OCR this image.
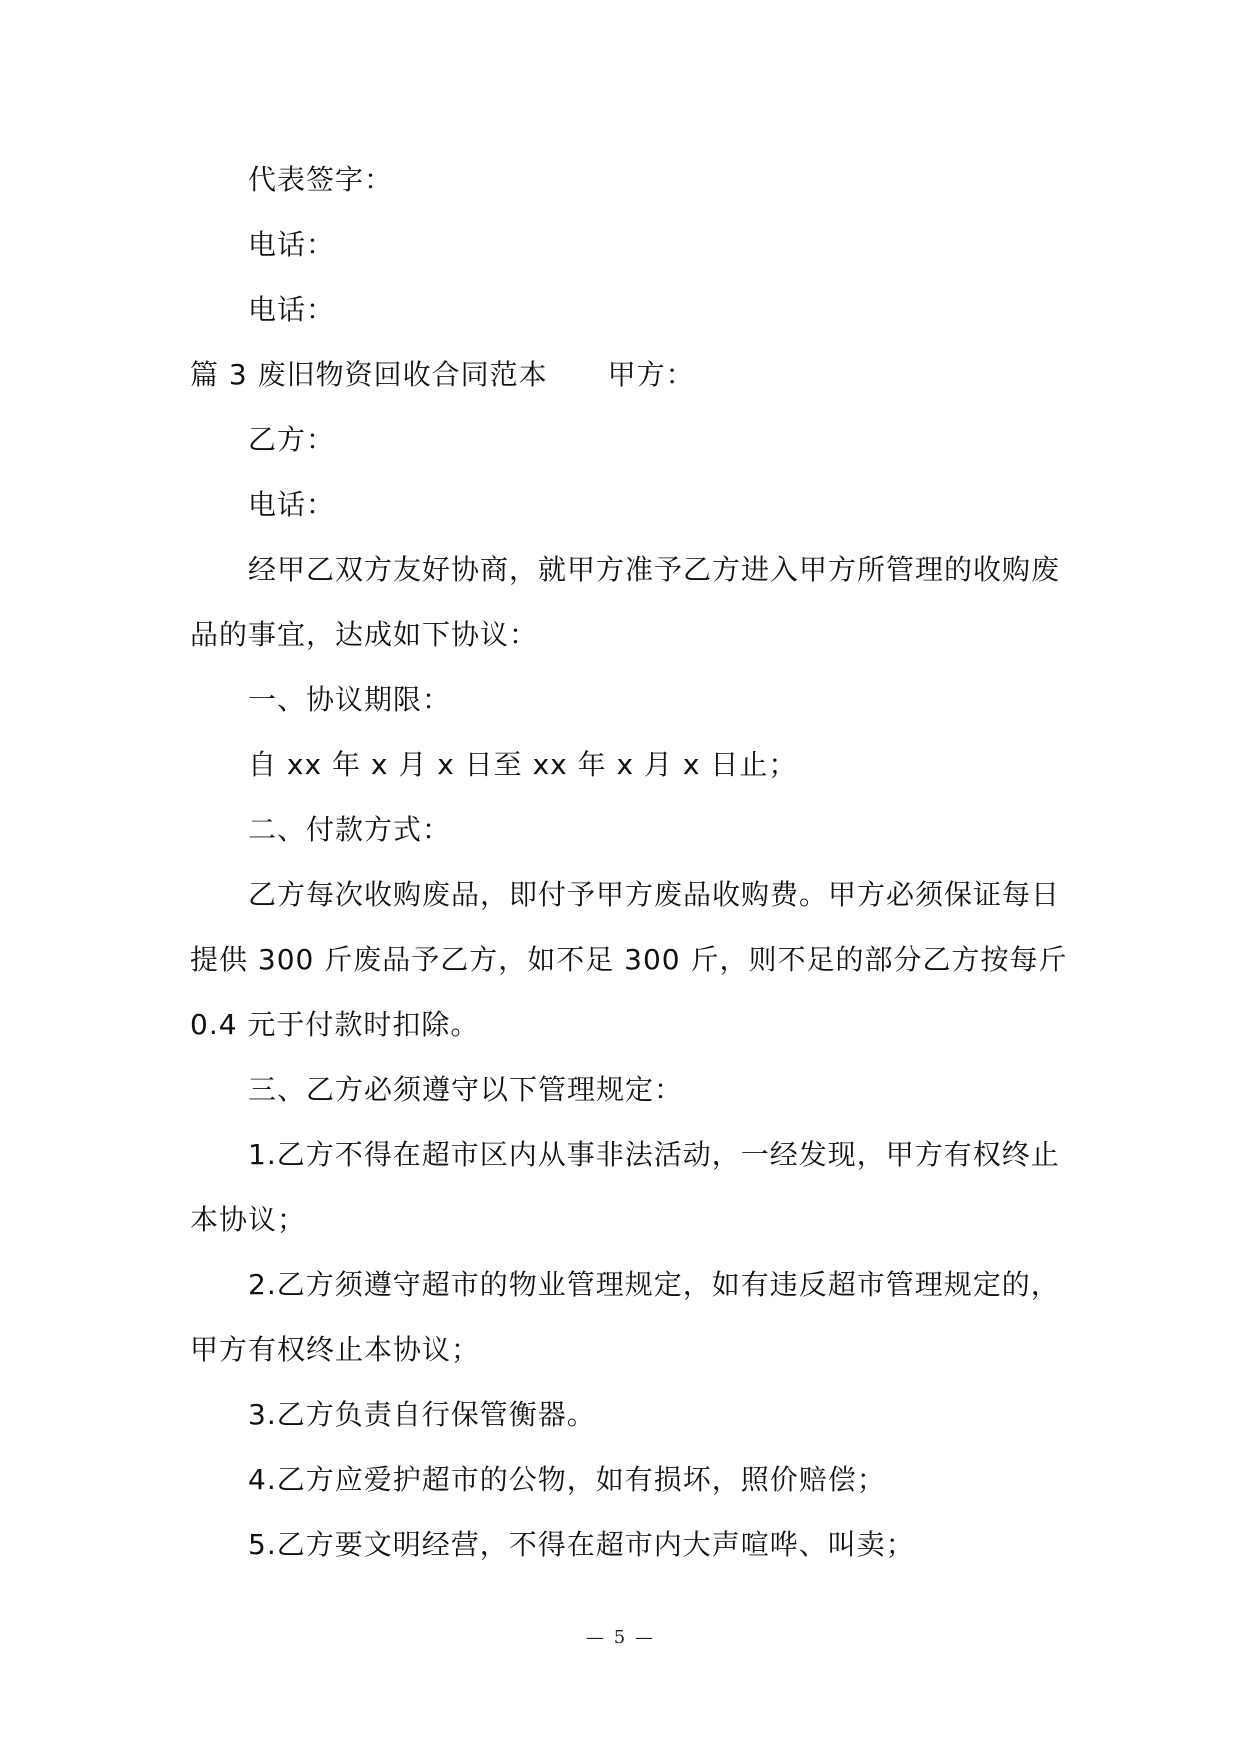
代表签字：
电话：
电话：
篇 3 废旧物资回收合同范本 甲方：
乙方：
电话：
经甲乙双方友好协商，就甲方准予乙方进入甲方所管理的收购废
品的事宜，达成如下协议：
一、协议期限：
自 xx 年 x 月 x 日至 xx 年 x 月 x 日止；
二、付款方式：
乙方每次收购废品，即付予甲方废品收购费。甲方必须保证每日
提供 300 斤废品予乙方，如不足 300 斤，则不足的部分乙方按每斤
0.4 元于付款时扣除。
三、乙方必须遵守以下管理规定：
1.乙方不得在超市区内从事非法活动，一经发现，甲方有权终止
本协议；
2.乙方须遵守超市的物业管理规定，如有违反超市管理规定的，
甲方有权终止本协议；
3.乙方负责自行保管衡器。
4.乙方应爱护超市的公物，如有损坏，照价赔偿；
5.乙方要文明经营，不得在超市内大声喧哗、叫卖；
— 5 —
